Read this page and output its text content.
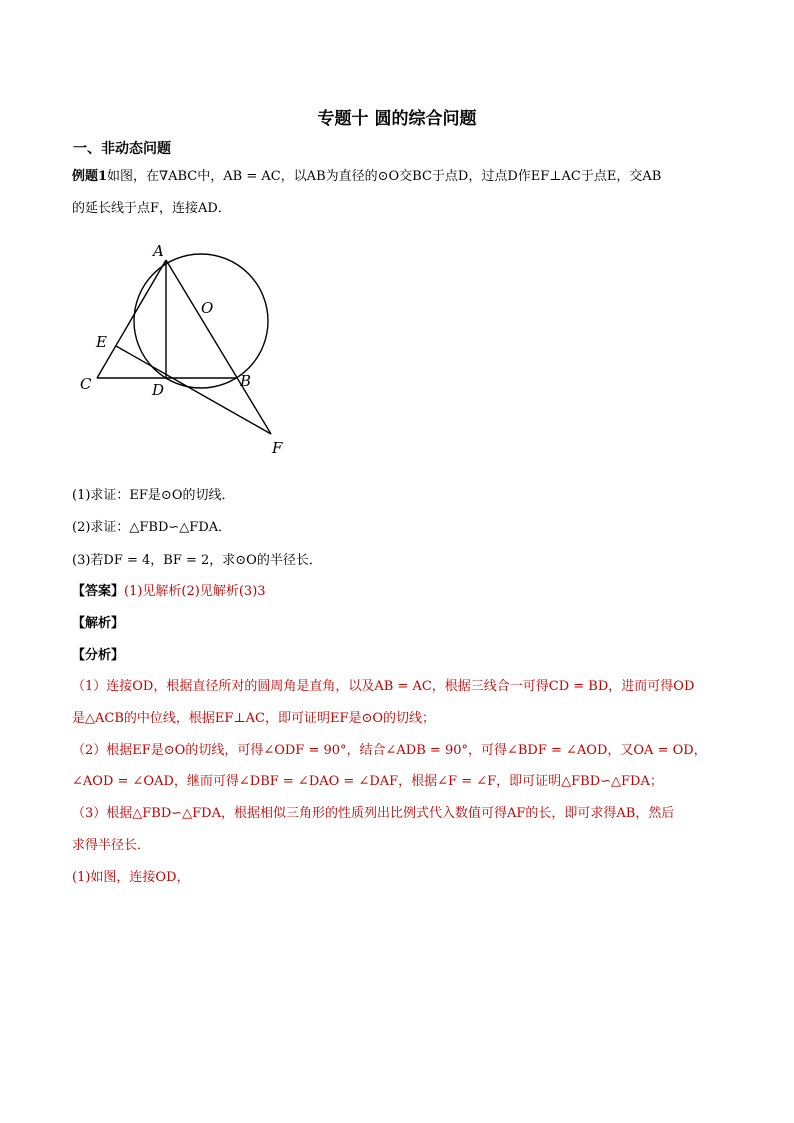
专题十 圆的综合问题
一、非动态问题
例题1如图，在∇ABC中，AB = AC，以AB为直径的⊙O交BC于点D，过点D作EF⊥AC于点E，交AB
的延长线于点F，连接AD．
A
O
E
C	D	B
F
(1)求证：EF是⊙O的切线．
(2)求证：△FBD∽△FDA．
(3)若DF = 4，BF = 2，求⊙O的半径长．
【答案】(1)见解析(2)见解析(3)3
【解析】
【分析】
（1）连接OD，根据直径所对的圆周角是直角，以及AB = AC，根据三线合一可得CD = BD，进而可得OD
是△ACB的中位线，根据EF⊥AC，即可证明EF是⊙O的切线；
（2）根据EF是⊙O的切线，可得∠ODF = 90°，结合∠ADB = 90°，可得∠BDF = ∠AOD，又OA = OD，
∠AOD = ∠OAD，继而可得∠DBF = ∠DAO = ∠DAF，根据∠F = ∠F，即可证明△FBD∽△FDA；
（3）根据△FBD∽△FDA，根据相似三角形的性质列出比例式代入数值可得AF的长，即可求得AB，然后
求得半径长．
(1)如图，连接OD，
